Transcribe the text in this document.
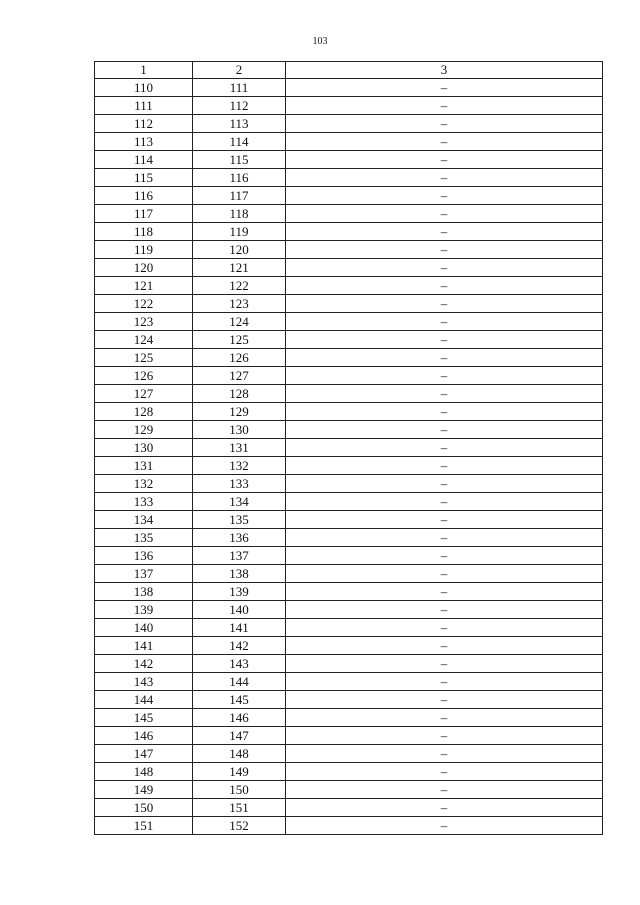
103
1	2	3
110	111	–
111	112	–
112	113	–
113	114	–
114	115	–
115	116	–
116	117	–
117	118	–
118	119	–
119	120	–
120	121	–
121	122	–
122	123	–
123	124	–
124	125	–
125	126	–
126	127	–
127	128	–
128	129	–
129	130	–
130	131	–
131	132	–
132	133	–
133	134	–
134	135	–
135	136	–
136	137	–
137	138	–
138	139	–
139	140	–
140	141	–
141	142	–
142	143	–
143	144	–
144	145	–
145	146	–
146	147	–
147	148	–
148	149	–
149	150	–
150	151	–
151	152	–
